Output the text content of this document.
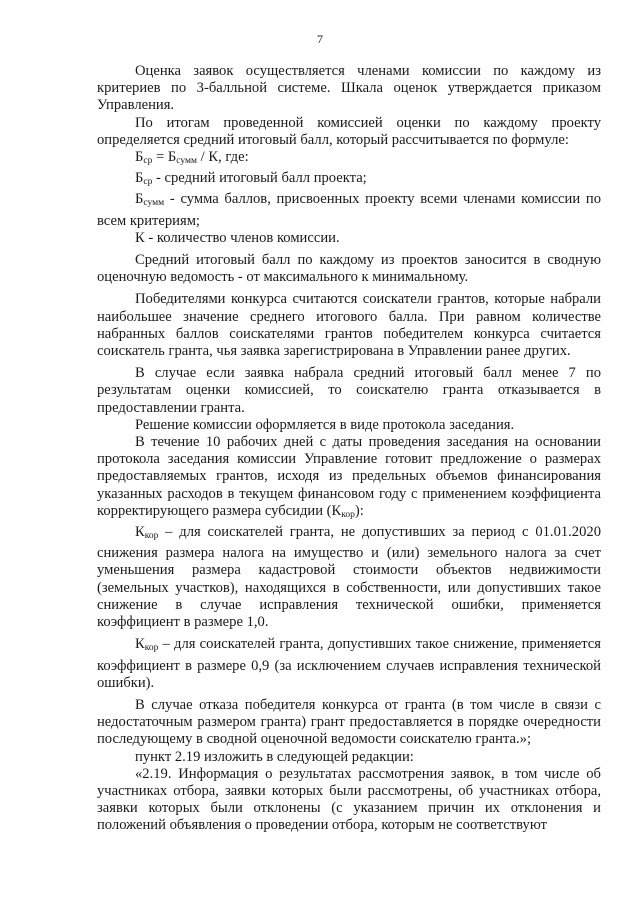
7

Оценка заявок осуществляется членами комиссии по каждому из критериев по 3-балльной системе. Шкала оценок утверждается приказом Управления.

По итогам проведенной комиссией оценки по каждому проекту определяется средний итоговый балл, который рассчитывается по формуле:

$Б_{ср} = Б_{сумм} / К$, где:

$Б_{ср}$ - средний итоговый балл проекта;

$Б_{сумм}$ - сумма баллов, присвоенных проекту всеми членами комиссии по всем критериям;

К - количество членов комиссии.

Средний итоговый балл по каждому из проектов заносится в сводную оценочную ведомость - от максимального к минимальному.

Победителями конкурса считаются соискатели грантов, которые набрали наибольшее значение среднего итогового балла. При равном количестве набранных баллов соискателями грантов победителем конкурса считается соискатель гранта, чья заявка зарегистрирована в Управлении ранее других.

В случае если заявка набрала средний итоговый балл менее 7 по результатам оценки комиссией, то соискателю гранта отказывается в предоставлении гранта.

Решение комиссии оформляется в виде протокола заседания.

В течение 10 рабочих дней с даты проведения заседания на основании протокола заседания комиссии Управление готовит предложение о размерах предоставляемых грантов, исходя из предельных объемов финансирования указанных расходов в текущем финансовом году с применением коэффициента корректирующего размера субсидии $(К_{кор})$:

$К_{кор}$ – для соискателей гранта, не допустивших за период с 01.01.2020 снижения размера налога на имущество и (или) земельного налога за счет уменьшения размера кадастровой стоимости объектов недвижимости (земельных участков), находящихся в собственности, или допустивших такое снижение в случае исправления технической ошибки, применяется коэффициент в размере 1,0.

$К_{кор}$ – для соискателей гранта, допустивших такое снижение, применяется коэффициент в размере 0,9 (за исключением случаев исправления технической ошибки).

В случае отказа победителя конкурса от гранта (в том числе в связи с недостаточным размером гранта) грант предоставляется в порядке очередности последующему в сводной оценочной ведомости соискателю гранта.»;

пункт 2.19 изложить в следующей редакции:

«2.19. Информация о результатах рассмотрения заявок, в том числе об участниках отбора, заявки которых были рассмотрены, об участниках отбора, заявки которых были отклонены (с указанием причин их отклонения и положений объявления о проведении отбора, которым не соответствуют
